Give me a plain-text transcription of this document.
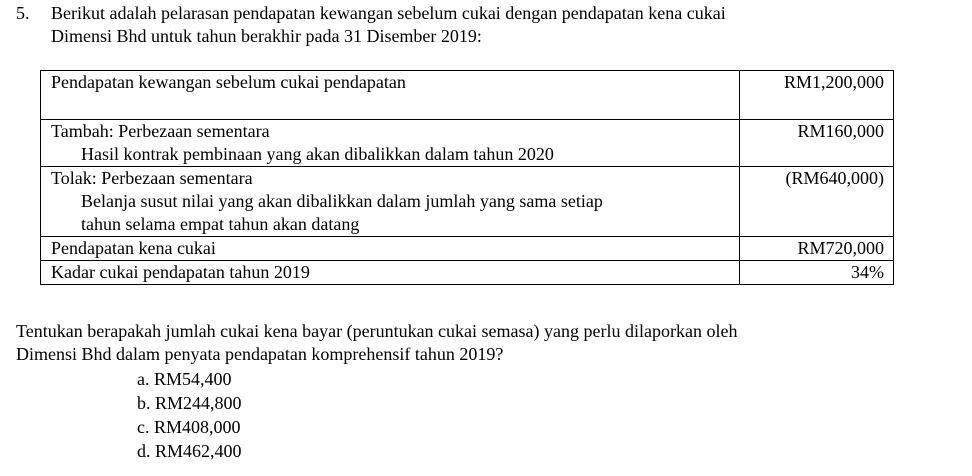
5. Berikut adalah pelarasan pendapatan kewangan sebelum cukai dengan pendapatan kena cukai
Dimensi Bhd untuk tahun berakhir pada 31 Disember 2019:
Pendapatan kewangan sebelum cukai pendapatan	RM1,200,000

Tambah: Perbezaan sementara
Hasil kontrak pembinaan yang akan dibalikkan dalam tahun 2020	RM160,000

Tolak: Perbezaan sementara
Belanja susut nilai yang akan dibalikkan dalam jumlah yang sama setiap
tahun selama empat tahun akan datang	(RM640,000)
Pendapatan kena cukai	RM720,000
Kadar cukai pendapatan tahun 2019	34%
Tentukan berapakah jumlah cukai kena bayar (peruntukan cukai semasa) yang perlu dilaporkan oleh
Dimensi Bhd dalam penyata pendapatan komprehensif tahun 2019?
a. RM54,400
b. RM244,800
c. RM408,000
d. RM462,400
